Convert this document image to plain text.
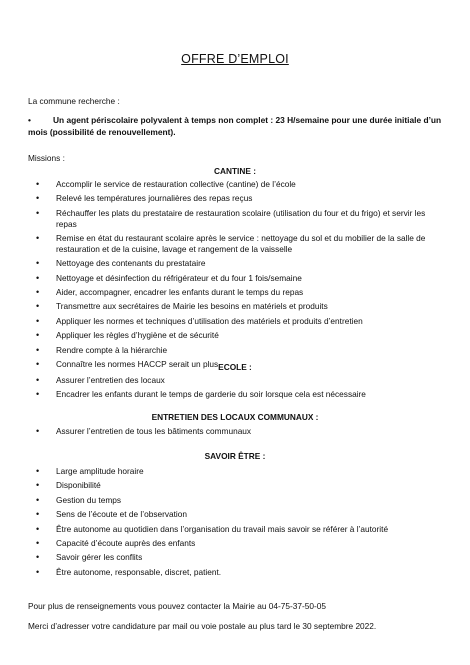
OFFRE D’EMPLOI
La commune recherche :
•	Un agent périscolaire polyvalent à temps non complet : 23 H/semaine pour une durée initiale d’un mois (possibilité de renouvellement).
Missions :
CANTINE :
• Accomplir le service de restauration collective (cantine) de l’école
• Relevé les températures journalières des repas reçus
• Réchauffer les plats du prestataire de restauration scolaire (utilisation du four et du frigo) et servir les repas
• Remise en état du restaurant scolaire après le service : nettoyage du sol et du mobilier de la salle de restauration et de la cuisine, lavage et rangement de la vaisselle
• Nettoyage des contenants du prestataire
• Nettoyage et désinfection du réfrigérateur et du four 1 fois/semaine
• Aider, accompagner, encadrer les enfants durant le temps du repas
• Transmettre aux secrétaires de Mairie les besoins en matériels et produits
• Appliquer les normes et techniques d’utilisation des matériels et produits d’entretien
• Appliquer les règles d’hygiène et de sécurité
• Rendre compte à la hiérarchie
• Connaître les normes HACCP serait un plus ECOLE :
• Assurer l’entretien des locaux
• Encadrer les enfants durant le temps de garderie du soir lorsque cela est nécessaire
ENTRETIEN DES LOCAUX COMMUNAUX :
• Assurer l’entretien de tous les bâtiments communaux
SAVOIR ÊTRE :
• Large amplitude horaire
• Disponibilité
• Gestion du temps
• Sens de l’écoute et de l’observation
• Être autonome au quotidien dans l’organisation du travail mais savoir se référer à l’autorité
• Capacité d’écoute auprès des enfants
• Savoir gérer les conflits
• Être autonome, responsable, discret, patient.
Pour plus de renseignements vous pouvez contacter la Mairie au 04-75-37-50-05
Merci d’adresser votre candidature par mail ou voie postale au plus tard le 30 septembre 2022.
